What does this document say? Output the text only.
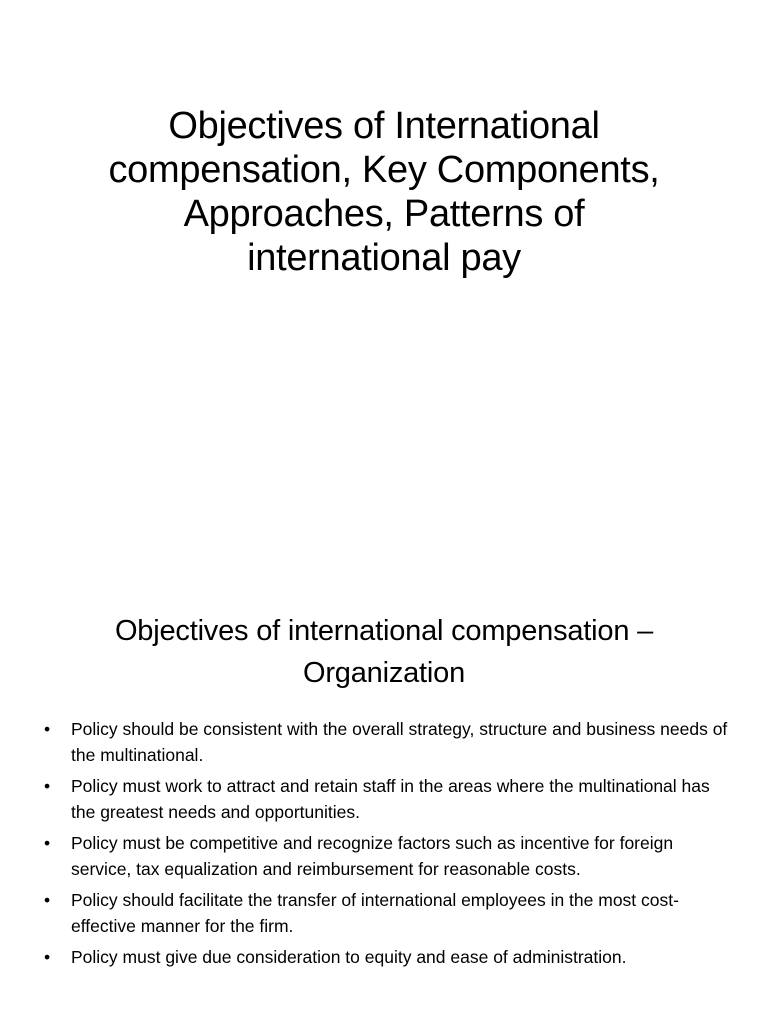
Objectives of International
compensation, Key Components,
Approaches, Patterns of
international pay
Objectives of international compensation –
Organization
•	Policy should be consistent with the overall strategy, structure and business needs of the multinational.
•	Policy must work to attract and retain staff in the areas where the multinational has the greatest needs and opportunities.
•	Policy must be competitive and recognize factors such as incentive for foreign service, tax equalization and reimbursement for reasonable costs.
•	Policy should facilitate the transfer of international employees in the most cost-effective manner for the firm.
•	Policy must give due consideration to equity and ease of administration.
